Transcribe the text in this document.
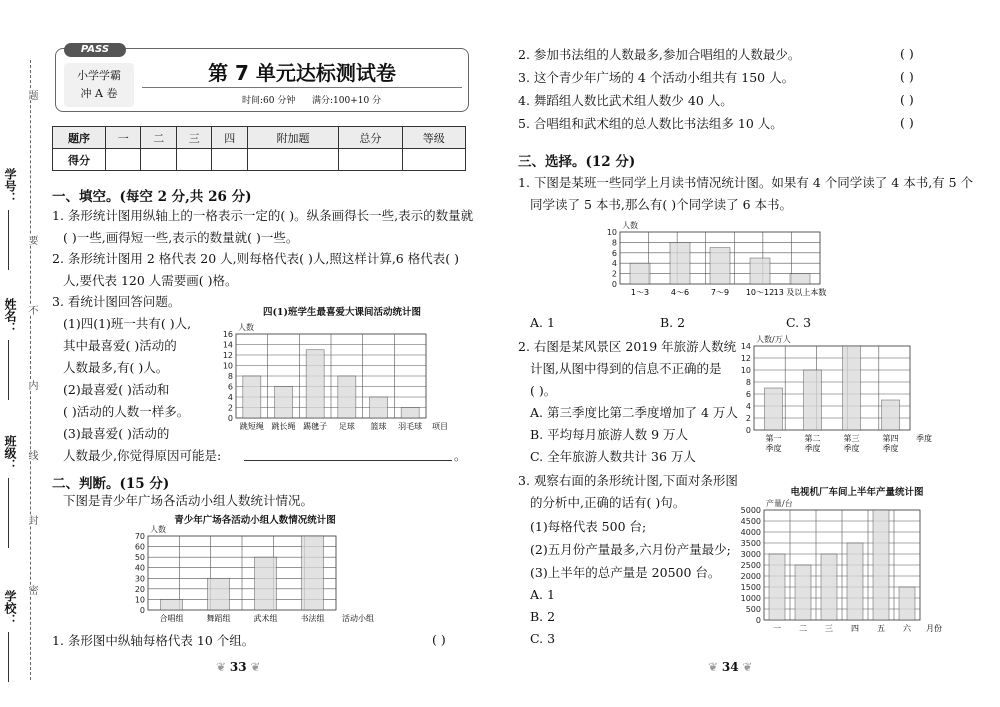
学号：
姓名：
班级：
学校：
题
要
不
内
线
封
密
PASS
小学学霸
冲 A 卷
第 7 单元达标测试卷
时间:60 分钟 满分:100+10 分
题序	一	二	三	四	附加题	总分	等级
得分							
一、填空。(每空 2 分,共 26 分)
1. 条形统计图用纵轴上的一格表示一定的( )。纵条画得长一些,表示的数量就
( )一些,画得短一些,表示的数量就( )一些。
2. 条形统计图用 2 格代表 20 人,则每格代表( )人,照这样计算,6 格代表( )
人,要代表 120 人需要画( )格。
3. 看统计图回答问题。
(1)四(1)班一共有( )人,
其中最喜爱( )活动的
人数最多,有( )人。
(2)最喜爱( )活动和
( )活动的人数一样多。
(3)最喜爱( )活动的
人数最少,你觉得原因可能是:	。
四(1)班学生最喜爱大课间活动统计图
0
2
4
6
8
10
12
14
16
跳短绳 跳长绳 踢毽子 足球 篮球 羽毛球
人数
项目
二、判断。(15 分)
下图是青少年广场各活动小组人数统计情况。
青少年广场各活动小组人数情况统计图
0
10
20
30
40
50
60
70
合唱组	舞蹈组	武术组	书法组
人数
活动小组
1. 条形图中纵轴每格代表 10 个组。	( )
❦ 33 ❦
2. 参加书法组的人数最多,参加合唱组的人数最少。	( )
3. 这个青少年广场的 4 个活动小组共有 150 人。	( )
4. 舞蹈组人数比武术组人数少 40 人。	( )
5. 合唱组和武术组的总人数比书法组多 10 人。	( )
三、选择。(12 分)
1. 下图是某班一些同学上月读书情况统计图。如果有 4 个同学读了 4 本书,有 5 个
同学读了 5 本书,那么有( )个同学读了 6 本书。
0
2
4
6
8
10
1～3	4～6	7～9 10～12 13 及以上本数
人数
A. 1	B. 2	C. 3
2. 右图是某风景区 2019 年旅游人数统
计图,从图中得到的信息不正确的是
( )。
A. 第三季度比第二季度增加了 4 万人
B. 平均每月旅游人数 9 万人
C. 全年旅游人数共计 36 万人
0
2
4
6
8
10
12
14
第一
季度
第二
季度
第三
季度
第四
季度
人数/万人
季度
3. 观察右面的条形统计图,下面对条形图
的分析中,正确的话有( )句。
(1)每格代表 500 台;
(2)五月份产量最多,六月份产量最少;
(3)上半年的总产量是 20500 台。
A. 1
B. 2
C. 3
电视机厂车间上半年产量统计图
0
500
1000
1500
2000
2500
3000
3500
4000
4500
5000
一 二 三 四 五 六
产量/台
月份
❦ 34 ❦
